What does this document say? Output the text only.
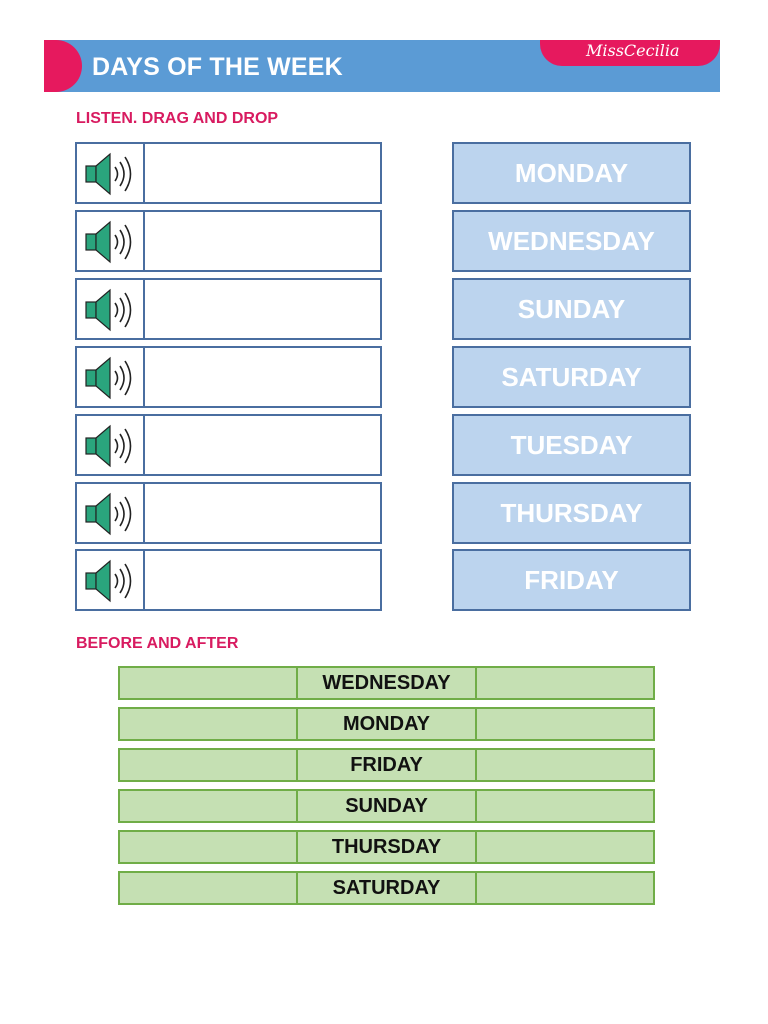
DAYS OF THE WEEK
MissCecilia
LISTEN. DRAG AND DROP
MONDAY
WEDNESDAY
SUNDAY
SATURDAY
TUESDAY
THURSDAY
FRIDAY
BEFORE AND AFTER
WEDNESDAY
MONDAY
FRIDAY
SUNDAY
THURSDAY
SATURDAY
